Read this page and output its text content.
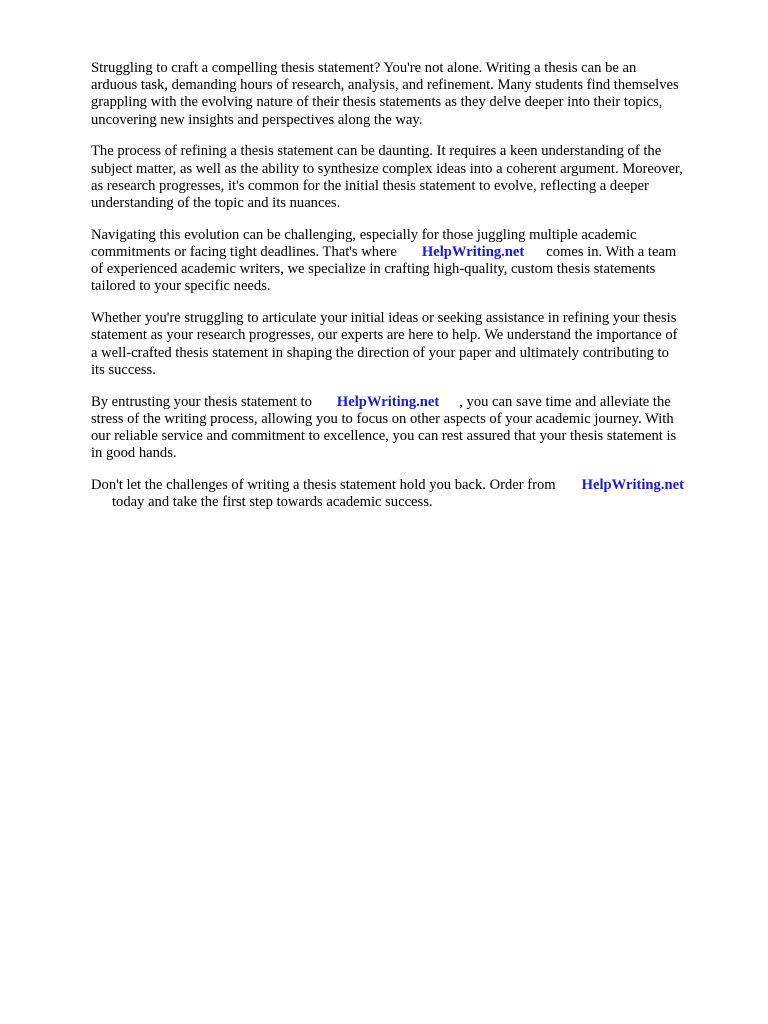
Struggling to craft a compelling thesis statement? You're not alone. Writing a thesis can be an
arduous task, demanding hours of research, analysis, and refinement. Many students find themselves
grappling with the evolving nature of their thesis statements as they delve deeper into their topics,
uncovering new insights and perspectives along the way.

The process of refining a thesis statement can be daunting. It requires a keen understanding of the
subject matter, as well as the ability to synthesize complex ideas into a coherent argument. Moreover,
as research progresses, it's common for the initial thesis statement to evolve, reflecting a deeper
understanding of the topic and its nuances.

Navigating this evolution can be challenging, especially for those juggling multiple academic
commitments or facing tight deadlines. That's where HelpWriting.net comes in. With a team
of experienced academic writers, we specialize in crafting high-quality, custom thesis statements
tailored to your specific needs.

Whether you're struggling to articulate your initial ideas or seeking assistance in refining your thesis
statement as your research progresses, our experts are here to help. We understand the importance of
a well-crafted thesis statement in shaping the direction of your paper and ultimately contributing to
its success.

By entrusting your thesis statement to HelpWriting.net , you can save time and alleviate the
stress of the writing process, allowing you to focus on other aspects of your academic journey. With
our reliable service and commitment to excellence, you can rest assured that your thesis statement is
in good hands.

Don't let the challenges of writing a thesis statement hold you back. Order from HelpWriting.net
today and take the first step towards academic success.
